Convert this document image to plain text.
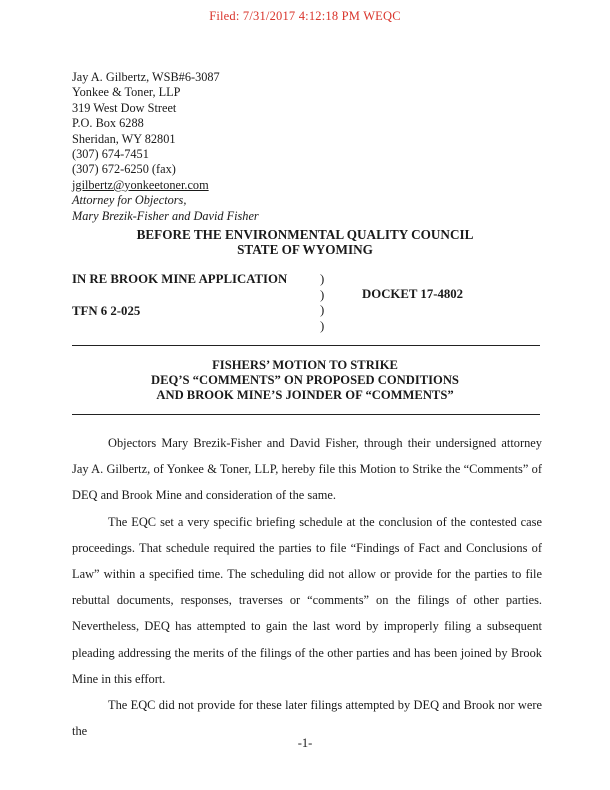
Filed: 7/31/2017 4:12:18 PM WEQC
Jay A. Gilbertz, WSB#6-3087
Yonkee & Toner, LLP
319 West Dow Street
P.O. Box 6288
Sheridan, WY 82801
(307) 674-7451
(307) 672-6250 (fax)
jgilbertz@yonkeetoner.com
Attorney for Objectors,
Mary Brezik-Fisher and David Fisher
BEFORE THE ENVIRONMENTAL QUALITY COUNCIL
STATE OF WYOMING
IN RE BROOK MINE APPLICATION
TFN 6 2-025
)
)
)
)
DOCKET 17-4802
FISHERS’ MOTION TO STRIKE
DEQ’S “COMMENTS” ON PROPOSED CONDITIONS
AND BROOK MINE’S JOINDER OF “COMMENTS”

Objectors Mary Brezik-Fisher and David Fisher, through their undersigned attorney Jay A. Gilbertz, of Yonkee & Toner, LLP, hereby file this Motion to Strike the “Comments” of DEQ and Brook Mine and consideration of the same.

The EQC set a very specific briefing schedule at the conclusion of the contested case proceedings. That schedule required the parties to file “Findings of Fact and Conclusions of Law” within a specified time. The scheduling did not allow or provide for the parties to file rebuttal documents, responses, traverses or “comments” on the filings of other parties. Nevertheless, DEQ has attempted to gain the last word by improperly filing a subsequent pleading addressing the merits of the filings of the other parties and has been joined by Brook Mine in this effort.

The EQC did not provide for these later filings attempted by DEQ and Brook nor were the

-1-
